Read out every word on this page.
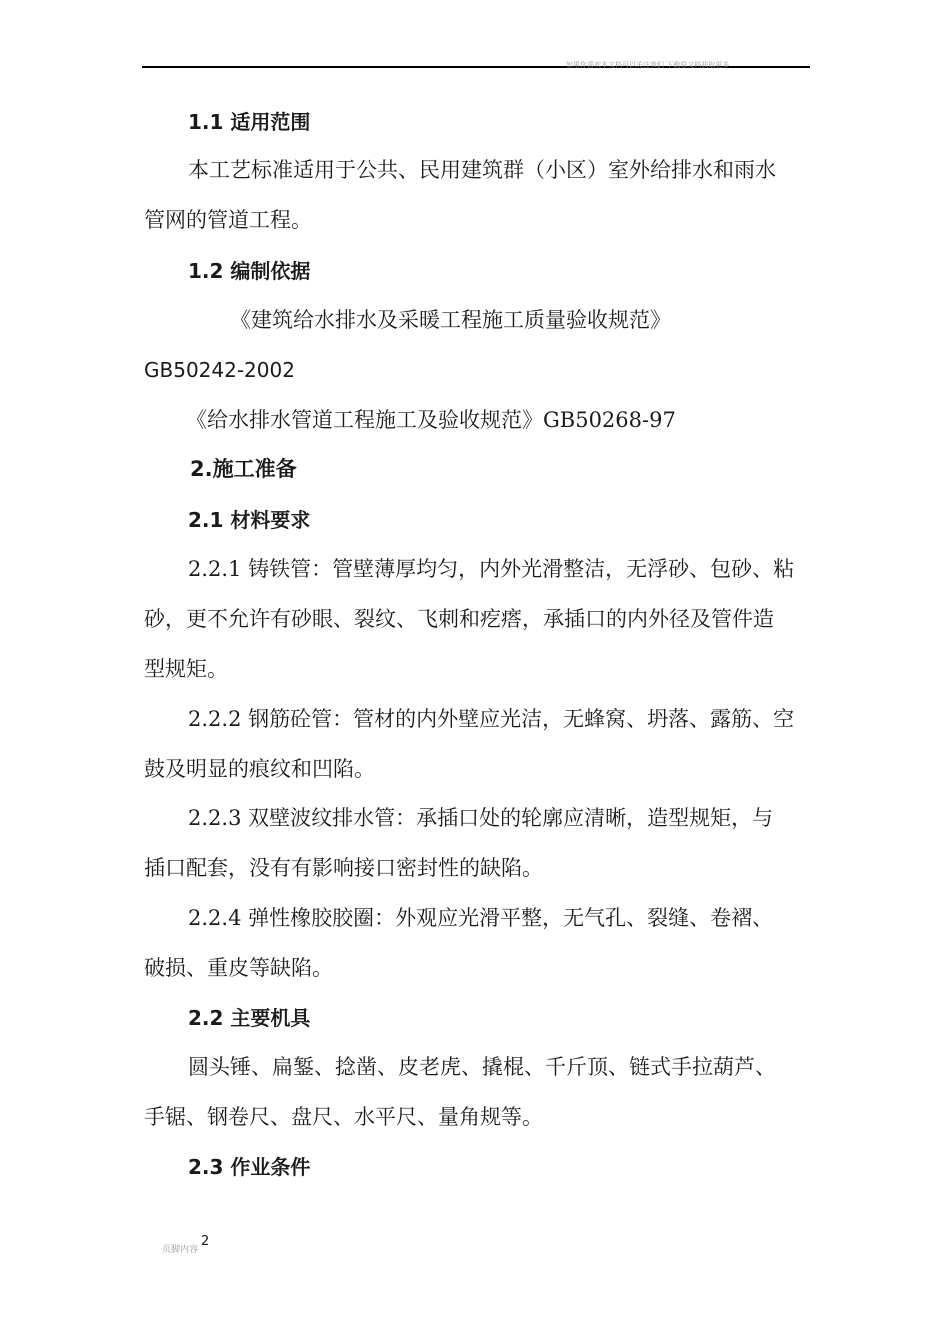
如果你喜欢本文档可以关注我们 下载原文档获取更多
1.1 适用范围
本工艺标准适用于公共、民用建筑群（小区）室外给排水和雨水
管网的管道工程。
1.2 编制依据
《建筑给水排水及采暖工程施工质量验收规范》
GB50242-2002
《给水排水管道工程施工及验收规范》GB50268-97
2.施工准备
2.1 材料要求
2.2.1 铸铁管：管壁薄厚均匀，内外光滑整洁，无浮砂、包砂、粘
砂，更不允许有砂眼、裂纹、飞刺和疙瘩，承插口的内外径及管件造
型规矩。
2.2.2 钢筋砼管：管材的内外壁应光洁，无蜂窝、坍落、露筋、空
鼓及明显的痕纹和凹陷。
2.2.3 双壁波纹排水管：承插口处的轮廓应清晰，造型规矩，与
插口配套，没有有影响接口密封性的缺陷。
2.2.4 弹性橡胶胶圈：外观应光滑平整，无气孔、裂缝、卷褶、
破损、重皮等缺陷。
2.2 主要机具
圆头锤、扁錾、捻凿、皮老虎、撬棍、千斤顶、链式手拉葫芦、
手锯、钢卷尺、盘尺、水平尺、量角规等。
2.3 作业条件
页脚内容
2
